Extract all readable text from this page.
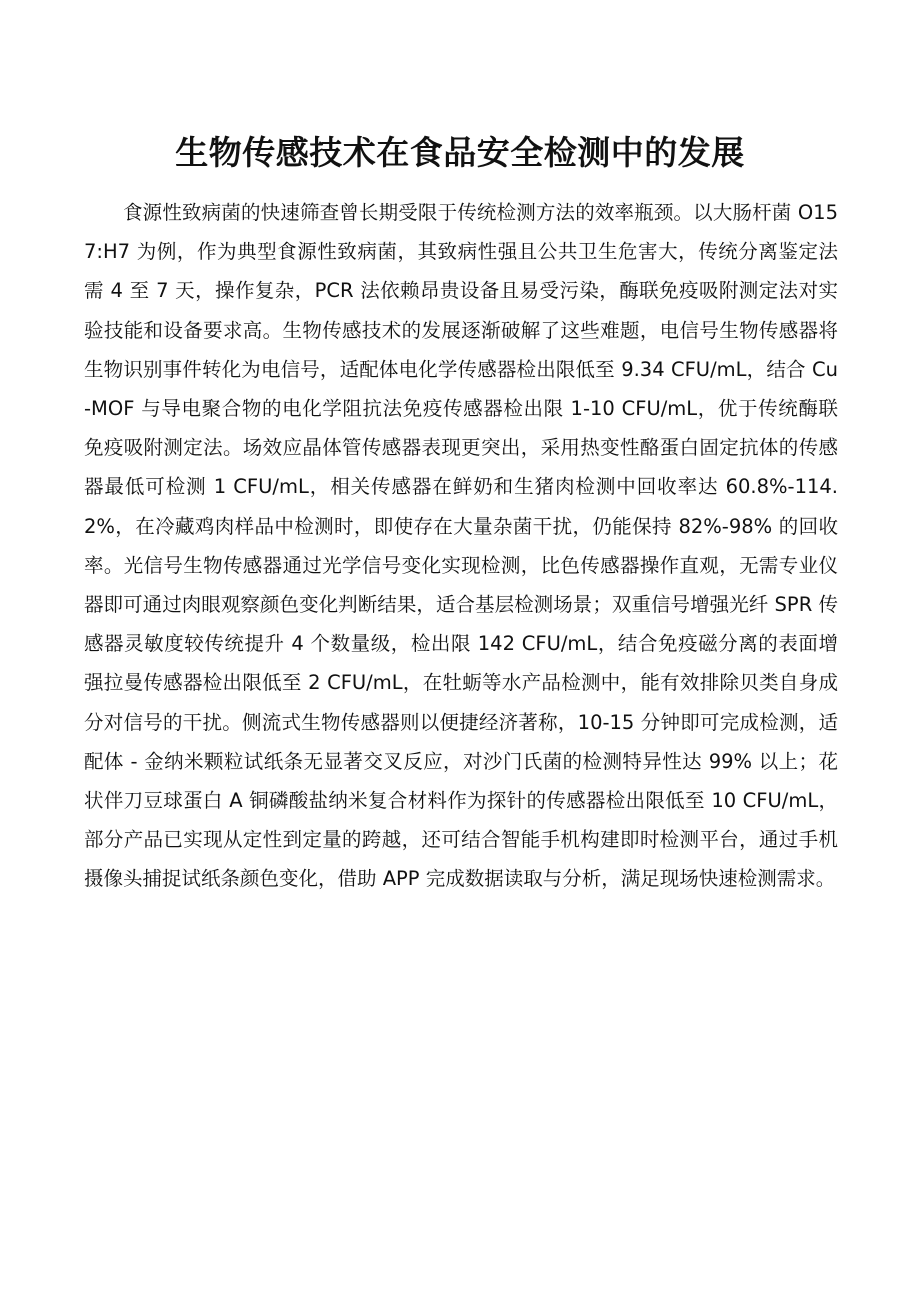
生物传感技术在食品安全检测中的发展

食源性致病菌的快速筛查曾长期受限于传统检测方法的效率瓶颈。以大肠杆菌 O157:H7 为例，作为典型食源性致病菌，其致病性强且公共卫生危害大，传统分离鉴定法需 4 至 7 天，操作复杂，PCR 法依赖昂贵设备且易受污染，酶联免疫吸附测定法对实验技能和设备要求高。生物传感技术的发展逐渐破解了这些难题，电信号生物传感器将生物识别事件转化为电信号，适配体电化学传感器检出限低至 9.34 CFU/mL，结合 Cu-MOF 与导电聚合物的电化学阻抗法免疫传感器检出限 1-10 CFU/mL，优于传统酶联免疫吸附测定法。场效应晶体管传感器表现更突出，采用热变性酪蛋白固定抗体的传感器最低可检测 1 CFU/mL，相关传感器在鲜奶和生猪肉检测中回收率达 60.8%-114.2%，在冷藏鸡肉样品中检测时，即使存在大量杂菌干扰，仍能保持 82%-98% 的回收率。光信号生物传感器通过光学信号变化实现检测，比色传感器操作直观，无需专业仪器即可通过肉眼观察颜色变化判断结果，适合基层检测场景；双重信号增强光纤 SPR 传感器灵敏度较传统提升 4 个数量级，检出限 142 CFU/mL，结合免疫磁分离的表面增强拉曼传感器检出限低至 2 CFU/mL，在牡蛎等水产品检测中，能有效排除贝类自身成分对信号的干扰。侧流式生物传感器则以便捷经济著称，10-15 分钟即可完成检测，适配体 - 金纳米颗粒试纸条无显著交叉反应，对沙门氏菌的检测特异性达 99% 以上；花状伴刀豆球蛋白 A 铜磷酸盐纳米复合材料作为探针的传感器检出限低至 10 CFU/mL，部分产品已实现从定性到定量的跨越，还可结合智能手机构建即时检测平台，通过手机摄像头捕捉试纸条颜色变化，借助 APP 完成数据读取与分析，满足现场快速检测需求。
